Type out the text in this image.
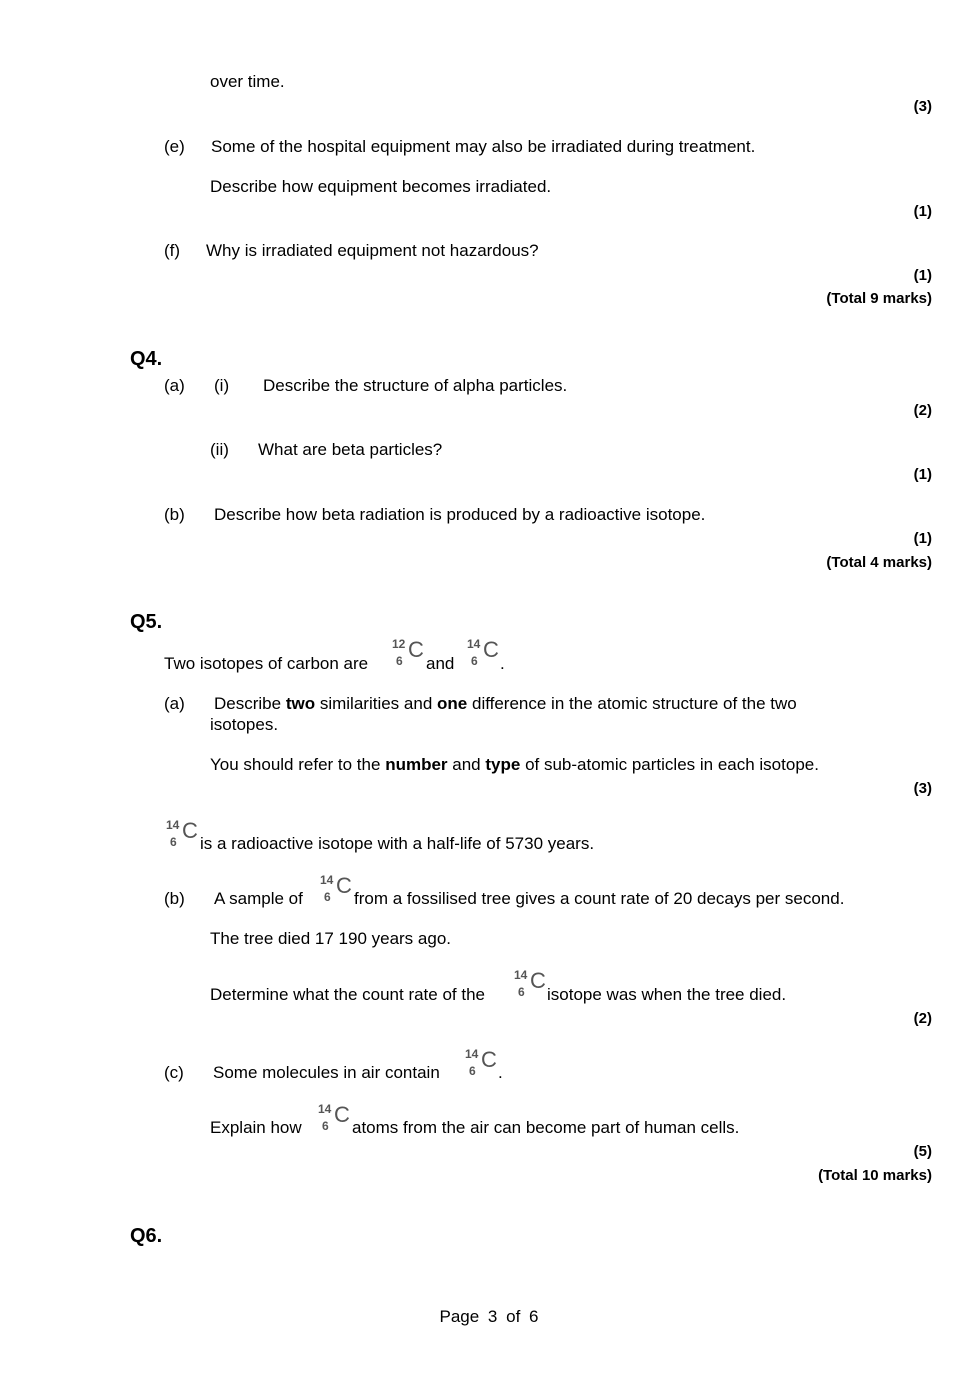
over time.
(3)
(e) Some of the hospital equipment may also be irradiated during treatment.
Describe how equipment becomes irradiated.
(1)
(f) Why is irradiated equipment not hazardous?
(1)
(Total 9 marks)
Q4.
(a) (i) Describe the structure of alpha particles.
(2)
(ii) What are beta particles?
(1)
(b) Describe how beta radiation is produced by a radioactive isotope.
(1)
(Total 4 marks)
Q5.
Two isotopes of carbon are
12
6 C
and
14
6 C
.
(a) Describe two similarities and one difference in the atomic structure of the two
isotopes.
You should refer to the number and type of sub-atomic particles in each isotope.
(3)
14
6 C
is a radioactive isotope with a half-life of 5730 years.
(b) A sample of
14
6 C
from a fossilised tree gives a count rate of 20 decays per second.
The tree died 17 190 years ago.
Determine what the count rate of the
14
6 C
isotope was when the tree died.
(2)
(c) Some molecules in air contain
14
6 C
.
Explain how
14
6 C
atoms from the air can become part of human cells.
(5)
(Total 10 marks)
Q6.
Page 3 of 6
